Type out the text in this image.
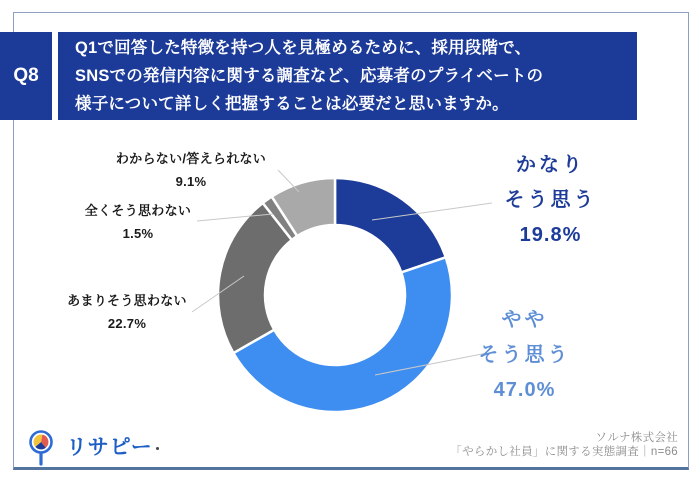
Q8
Q1で回答した特徴を持つ人を見極めるために、採用段階で、
SNSでの発信内容に関する調査など、応募者のプライベートの
様子について詳しく把握することは必要だと思いますか。
わからない/答えられない
9.1%
全くそう思わない
1.5%
あまりそう思わない
22.7%
かなり
そう思う
19.8%
やや
そう思う
47.0%
リサピー	ソルナ株式会社
「やらかし社員」に関する実態調査｜n=66
